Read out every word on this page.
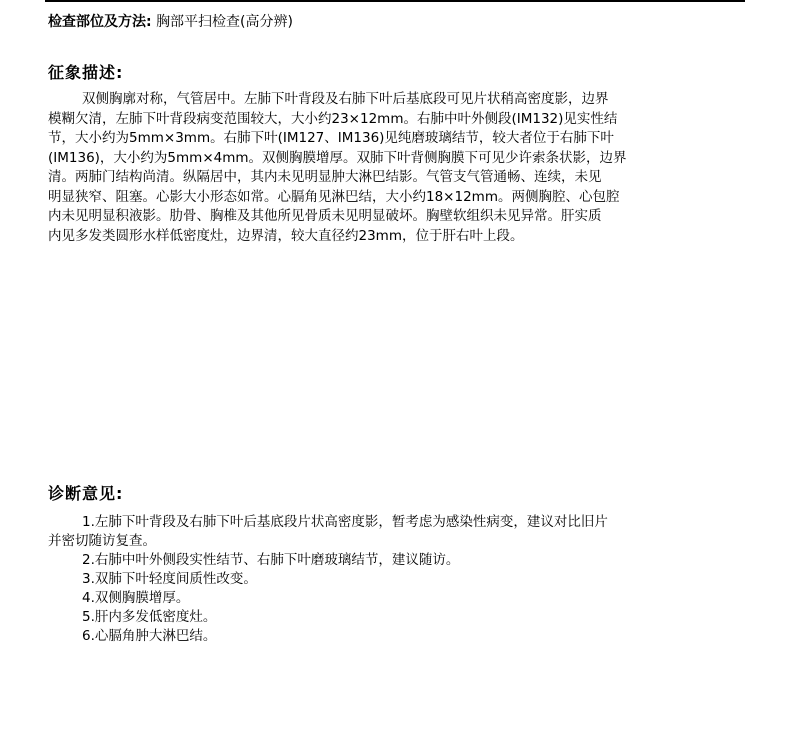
检查部位及方法: 胸部平扫检查(高分辨)
征象描述:
双侧胸廓对称，气管居中。左肺下叶背段及右肺下叶后基底段可见片状稍高密度影，边界
模糊欠清，左肺下叶背段病变范围较大，大小约23×12mm。右肺中叶外侧段(IM132)见实性结
节，大小约为5mm×3mm。右肺下叶(IM127、IM136)见纯磨玻璃结节，较大者位于右肺下叶
(IM136)，大小约为5mm×4mm。双侧胸膜增厚。双肺下叶背侧胸膜下可见少许索条状影，边界
清。两肺门结构尚清。纵隔居中，其内未见明显肿大淋巴结影。气管支气管通畅、连续，未见
明显狭窄、阻塞。心影大小形态如常。心膈角见淋巴结，大小约18×12mm。两侧胸腔、心包腔
内未见明显积液影。肋骨、胸椎及其他所见骨质未见明显破坏。胸壁软组织未见异常。肝实质
内见多发类圆形水样低密度灶，边界清，较大直径约23mm，位于肝右叶上段。
诊断意见:
1.左肺下叶背段及右肺下叶后基底段片状高密度影，暂考虑为感染性病变，建议对比旧片
并密切随访复查。
2.右肺中叶外侧段实性结节、右肺下叶磨玻璃结节，建议随访。
3.双肺下叶轻度间质性改变。
4.双侧胸膜增厚。
5.肝内多发低密度灶。
6.心膈角肿大淋巴结。
